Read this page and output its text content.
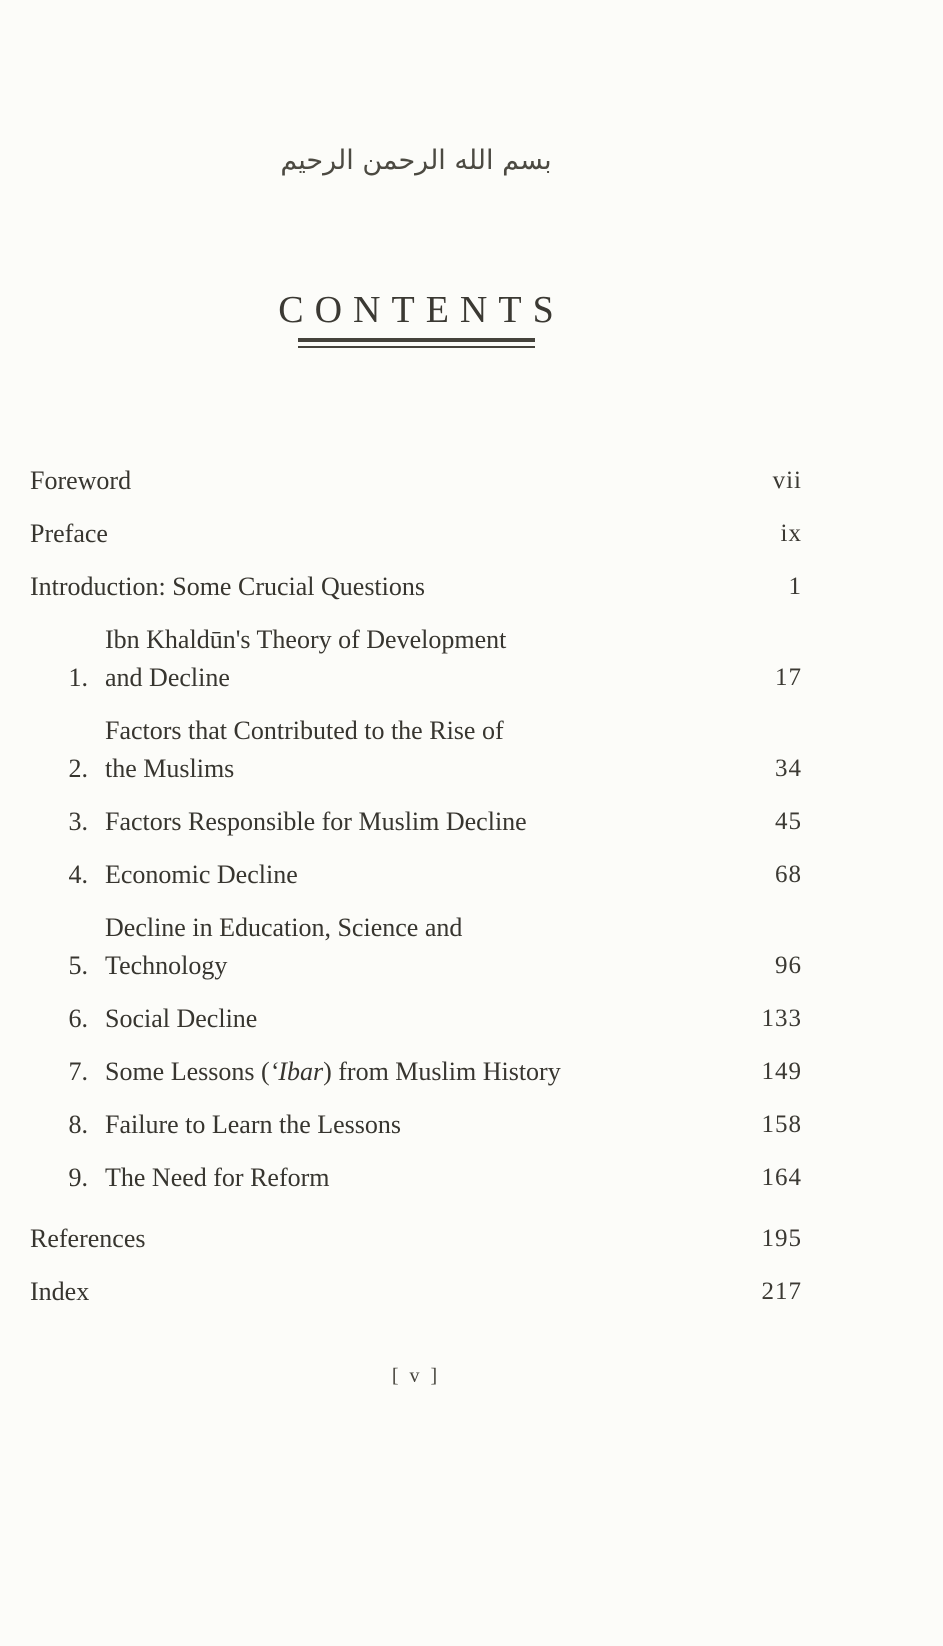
بسم الله الرحمن الرحيم
CONTENTS
Foreword	vii
Preface	ix
Introduction: Some Crucial Questions	1
1.
Ibn Khaldūn's Theory of Development
and Decline	17
2.
Factors that Contributed to the Rise of
the Muslims	34
3. Factors Responsible for Muslim Decline	45
4. Economic Decline	68
5.
Decline in Education, Science and
Technology	96
6. Social Decline	133
7. Some Lessons (‘Ibar) from Muslim History	149
8. Failure to Learn the Lessons	158
9. The Need for Reform	164
References	195
Index	217
[ v ]
